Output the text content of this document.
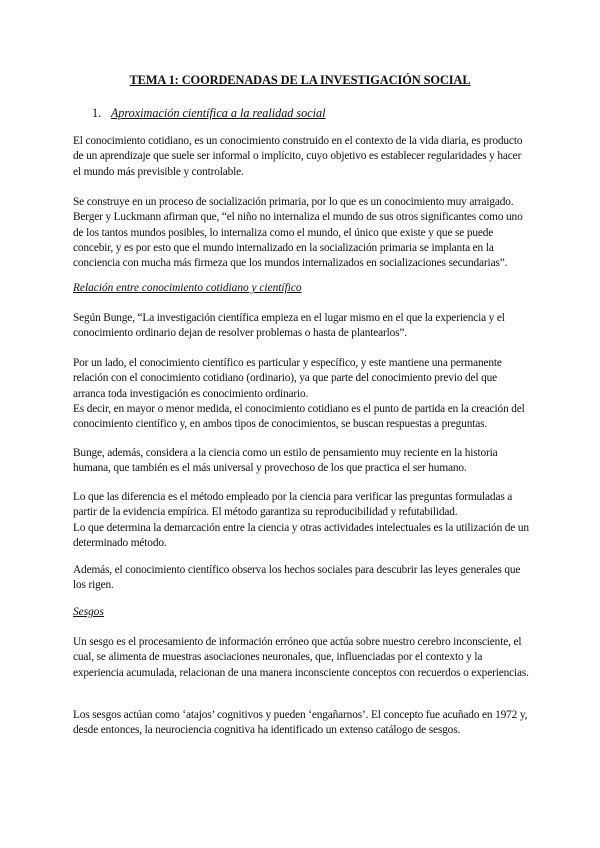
TEMA 1: COORDENADAS DE LA INVESTIGACIÓN SOCIAL
1. Aproximación científica a la realidad social

El conocimiento cotidiano, es un conocimiento construido en el contexto de la vida diaria, es producto de un aprendizaje que suele ser informal o implícito, cuyo objetivo es establecer regularidades y hacer el mundo más previsible y controlable.

Se construye en un proceso de socialización primaria, por lo que es un conocimiento muy arraigado. Berger y Luckmann afirman que, “el niño no internaliza el mundo de sus otros significantes como uno de los tantos mundos posibles, lo internaliza como el mundo, el único que existe y que se puede concebir, y es por esto que el mundo internalizado en la socialización primaria se implanta en la conciencia con mucha más firmeza que los mundos internalizados en socializaciones secundarias”.

Relación entre conocimiento cotidiano y científico

Según Bunge, “La investigación científica empieza en el lugar mismo en el que la experiencia y el conocimiento ordinario dejan de resolver problemas o hasta de plantearlos”.

Por un lado, el conocimiento científico es particular y específico, y este mantiene una permanente relación con el conocimiento cotidiano (ordinario), ya que parte del conocimiento previo del que arranca toda investigación es conocimiento ordinario.

Es decir, en mayor o menor medida, el conocimiento cotidiano es el punto de partida en la creación del conocimiento científico y, en ambos tipos de conocimientos, se buscan respuestas a preguntas.

Bunge, además, considera a la ciencia como un estilo de pensamiento muy reciente en la historia humana, que también es el más universal y provechoso de los que practica el ser humano.

Lo que las diferencia es el método empleado por la ciencia para verificar las preguntas formuladas a partir de la evidencia empírica. El método garantiza su reproducibilidad y refutabilidad.

Lo que determina la demarcación entre la ciencia y otras actividades intelectuales es la utilización de un determinado método.

Además, el conocimiento científico observa los hechos sociales para descubrir las leyes generales que los rigen.

Sesgos

Un sesgo es el procesamiento de información erróneo que actúa sobre nuestro cerebro inconsciente, el cual, se alimenta de muestras asociaciones neuronales, que, influenciadas por el contexto y la experiencia acumulada, relacionan de una manera inconsciente conceptos con recuerdos o experiencias.

Los sesgos actúan como ‘atajos’ cognitivos y pueden ‘engañarnos’. El concepto fue acuñado en 1972 y, desde entonces, la neurociencia cognitiva ha identificado un extenso catálogo de sesgos.
